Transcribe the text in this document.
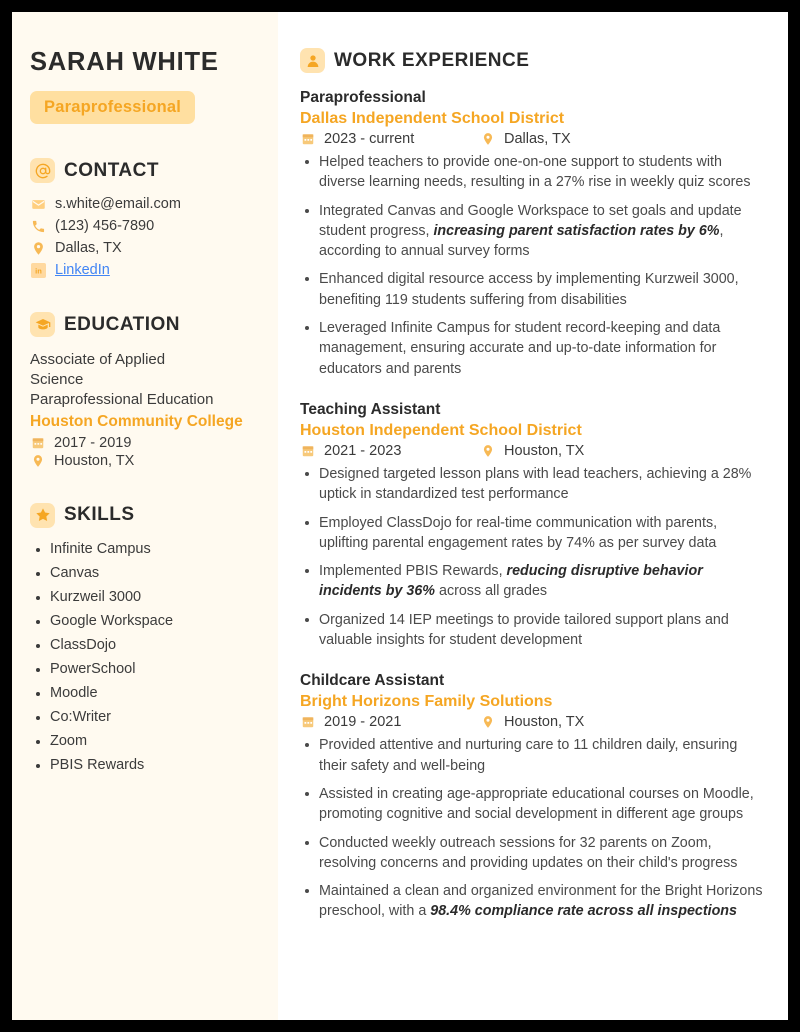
SARAH WHITE
Paraprofessional
CONTACT
s.white@email.com
(123) 456-7890
Dallas, TX
in LinkedIn
EDUCATION
Associate of Applied
Science
Paraprofessional Education
Houston Community College
2017 - 2019
Houston, TX
SKILLS
Infinite Campus
Canvas
Kurzweil 3000
Google Workspace
ClassDojo
PowerSchool
Moodle
Co:Writer
Zoom
PBIS Rewards
WORK EXPERIENCE
Paraprofessional
Dallas Independent School District
2023 - current	Dallas, TX
Helped teachers to provide one-on-one support to students with diverse learning needs, resulting in a 27% rise in weekly quiz scores
Integrated Canvas and Google Workspace to set goals and update student progress, increasing parent satisfaction rates by 6%, according to annual survey forms
Enhanced digital resource access by implementing Kurzweil 3000, benefiting 119 students suffering from disabilities
Leveraged Infinite Campus for student record-keeping and data management, ensuring accurate and up-to-date information for educators and parents
Teaching Assistant
Houston Independent School District
2021 - 2023	Houston, TX
Designed targeted lesson plans with lead teachers, achieving a 28% uptick in standardized test performance
Employed ClassDojo for real-time communication with parents, uplifting parental engagement rates by 74% as per survey data
Implemented PBIS Rewards, reducing disruptive behavior incidents by 36% across all grades
Organized 14 IEP meetings to provide tailored support plans and valuable insights for student development
Childcare Assistant
Bright Horizons Family Solutions
2019 - 2021	Houston, TX
Provided attentive and nurturing care to 11 children daily, ensuring their safety and well-being
Assisted in creating age-appropriate educational courses on Moodle, promoting cognitive and social development in different age groups
Conducted weekly outreach sessions for 32 parents on Zoom, resolving concerns and providing updates on their child's progress
Maintained a clean and organized environment for the Bright Horizons preschool, with a 98.4% compliance rate across all inspections
